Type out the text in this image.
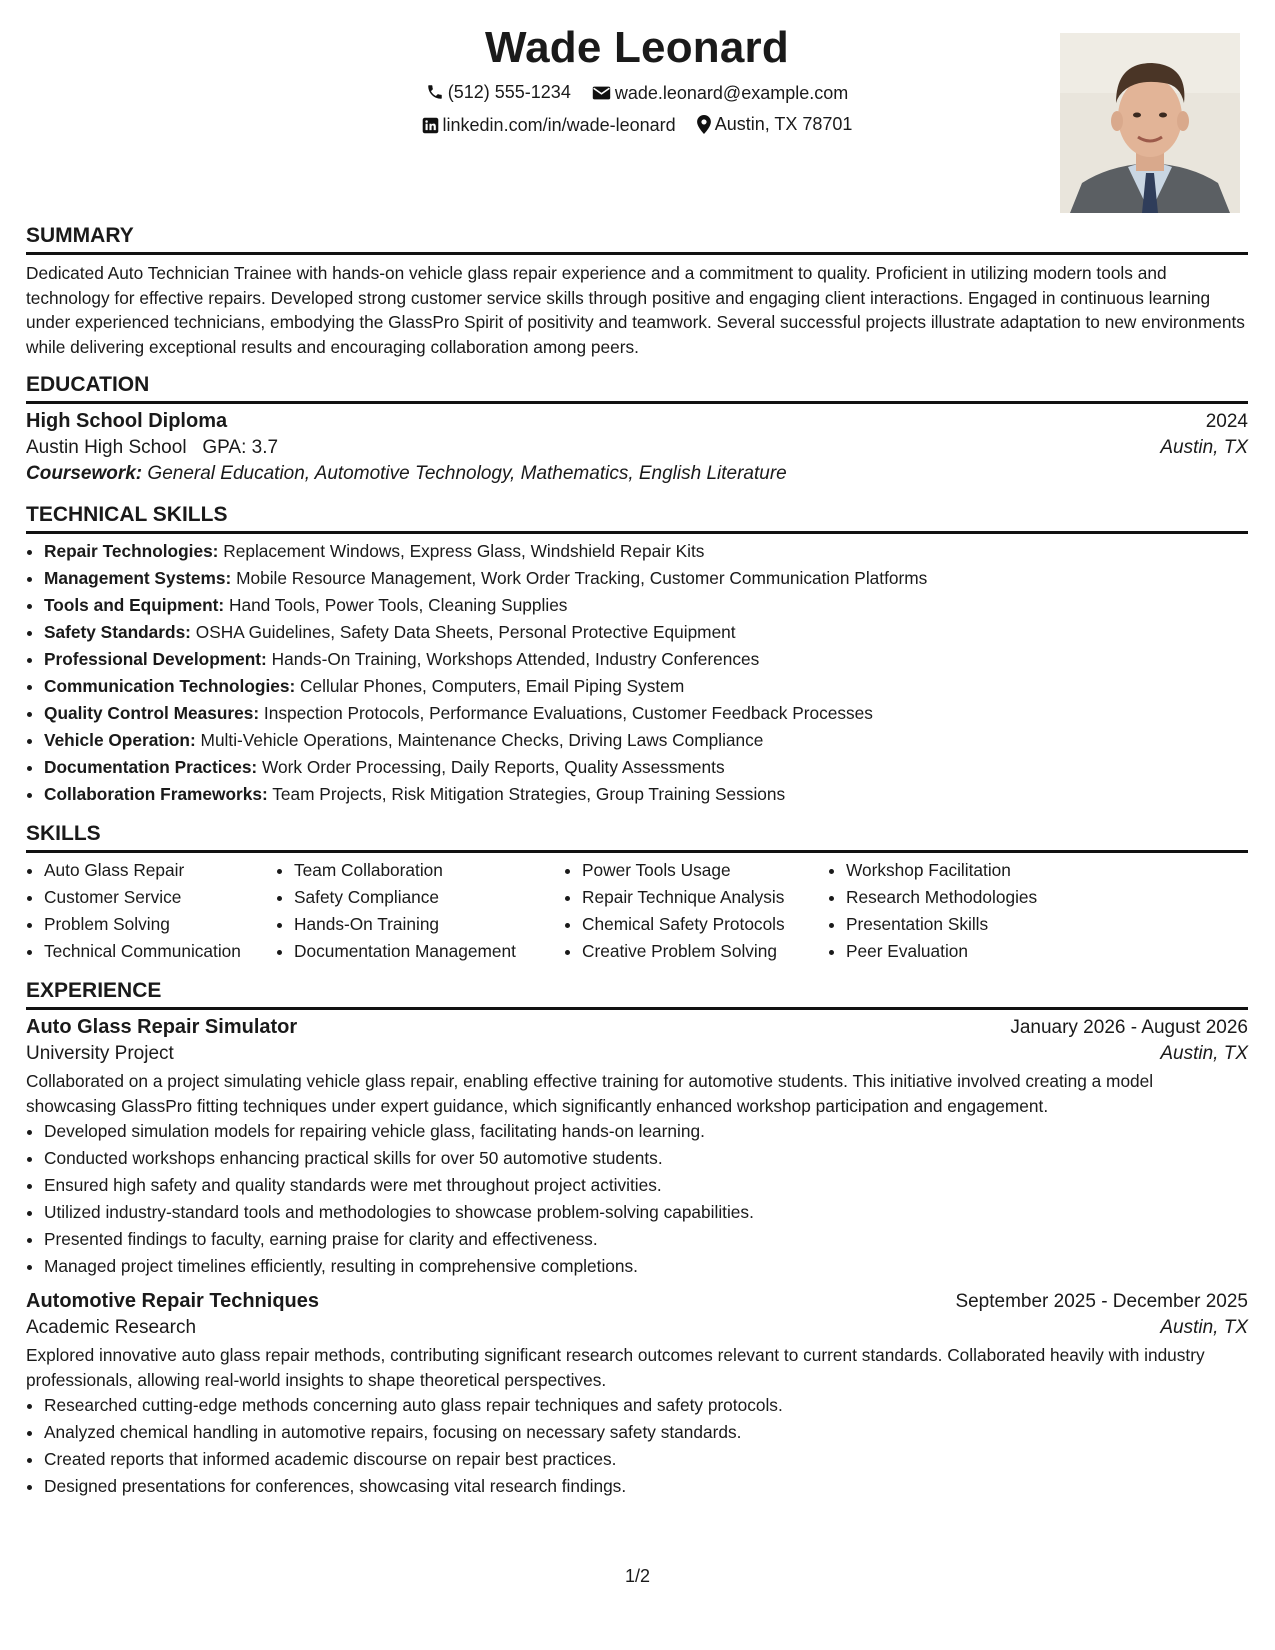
Wade Leonard
(512) 555-1234
wade.leonard@example.com
linkedin.com/in/wade-leonard
Austin, TX 78701
SUMMARY

Dedicated Auto Technician Trainee with hands-on vehicle glass repair experience and a commitment to quality. Proficient in utilizing modern tools and technology for effective repairs. Developed strong customer service skills through positive and engaging client interactions. Engaged in continuous learning under experienced technicians, embodying the GlassPro Spirit of positivity and teamwork. Several successful projects illustrate adaptation to new environments while delivering exceptional results and encouraging collaboration among peers.

EDUCATION
High School Diploma	2024
Austin High School GPA: 3.7	Austin, TX
Coursework: General Education, Automotive Technology, Mathematics, English Literature
TECHNICAL SKILLS
• Repair Technologies: Replacement Windows, Express Glass, Windshield Repair Kits
• Management Systems: Mobile Resource Management, Work Order Tracking, Customer Communication Platforms
• Tools and Equipment: Hand Tools, Power Tools, Cleaning Supplies
• Safety Standards: OSHA Guidelines, Safety Data Sheets, Personal Protective Equipment
• Professional Development: Hands-On Training, Workshops Attended, Industry Conferences
• Communication Technologies: Cellular Phones, Computers, Email Piping System
• Quality Control Measures: Inspection Protocols, Performance Evaluations, Customer Feedback Processes
• Vehicle Operation: Multi-Vehicle Operations, Maintenance Checks, Driving Laws Compliance
• Documentation Practices: Work Order Processing, Daily Reports, Quality Assessments
• Collaboration Frameworks: Team Projects, Risk Mitigation Strategies, Group Training Sessions
SKILLS
• Auto Glass Repair
• Customer Service
• Problem Solving
• Technical Communication
• Team Collaboration
• Safety Compliance
• Hands-On Training
• Documentation Management
• Power Tools Usage
• Repair Technique Analysis
• Chemical Safety Protocols
• Creative Problem Solving
• Workshop Facilitation
• Research Methodologies
• Presentation Skills
• Peer Evaluation
EXPERIENCE
Auto Glass Repair Simulator	January 2026 - August 2026
University Project	Austin, TX

Collaborated on a project simulating vehicle glass repair, enabling effective training for automotive students. This initiative involved creating a model showcasing GlassPro fitting techniques under expert guidance, which significantly enhanced workshop participation and engagement.

• Developed simulation models for repairing vehicle glass, facilitating hands-on learning.
• Conducted workshops enhancing practical skills for over 50 automotive students.
• Ensured high safety and quality standards were met throughout project activities.
• Utilized industry-standard tools and methodologies to showcase problem-solving capabilities.
• Presented findings to faculty, earning praise for clarity and effectiveness.
• Managed project timelines efficiently, resulting in comprehensive completions.
Automotive Repair Techniques	September 2025 - December 2025
Academic Research	Austin, TX

Explored innovative auto glass repair methods, contributing significant research outcomes relevant to current standards. Collaborated heavily with industry professionals, allowing real-world insights to shape theoretical perspectives.

• Researched cutting-edge methods concerning auto glass repair techniques and safety protocols.
• Analyzed chemical handling in automotive repairs, focusing on necessary safety standards.
• Created reports that informed academic discourse on repair best practices.
• Designed presentations for conferences, showcasing vital research findings.
1/2
